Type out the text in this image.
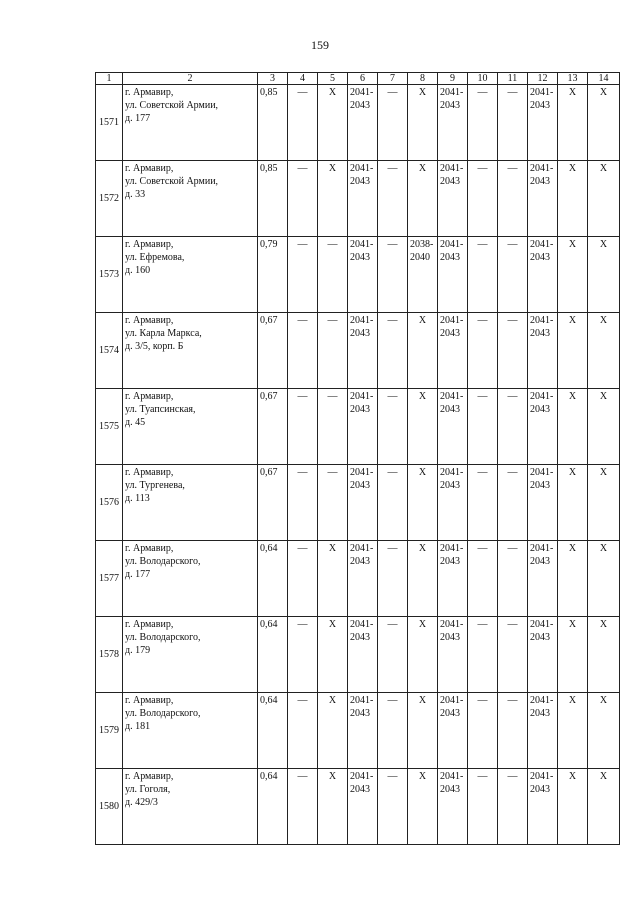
159
1	2	3	4	5	6	7	8	9	10	11	12	13	14
1571	г. Армавир,
ул. Советской Армии,
д. 177	0,85	—	X	2041-
2043	—	X	2041-
2043	—	—	2041-
2043	X	X
1572	г. Армавир,
ул. Советской Армии,
д. 33	0,85	—	X	2041-
2043	—	X	2041-
2043	—	—	2041-
2043	X	X
1573	г. Армавир,
ул. Ефремова,
д. 160	0,79	—	—	2041-
2043	—	2038-
2040	2041-
2043	—	—	2041-
2043	X	X
1574	г. Армавир,
ул. Карла Маркса,
д. 3/5, корп. Б	0,67	—	—	2041-
2043	—	X	2041-
2043	—	—	2041-
2043	X	X
1575	г. Армавир,
ул. Туапсинская,
д. 45	0,67	—	—	2041-
2043	—	X	2041-
2043	—	—	2041-
2043	X	X
1576	г. Армавир,
ул. Тургенева,
д. 113	0,67	—	—	2041-
2043	—	X	2041-
2043	—	—	2041-
2043	X	X
1577	г. Армавир,
ул. Володарского,
д. 177	0,64	—	X	2041-
2043	—	X	2041-
2043	—	—	2041-
2043	X	X
1578	г. Армавир,
ул. Володарского,
д. 179	0,64	—	X	2041-
2043	—	X	2041-
2043	—	—	2041-
2043	X	X
1579	г. Армавир,
ул. Володарского,
д. 181	0,64	—	X	2041-
2043	—	X	2041-
2043	—	—	2041-
2043	X	X
1580	г. Армавир,
ул. Гоголя,
д. 429/3	0,64	—	X	2041-
2043	—	X	2041-
2043	—	—	2041-
2043	X	X
